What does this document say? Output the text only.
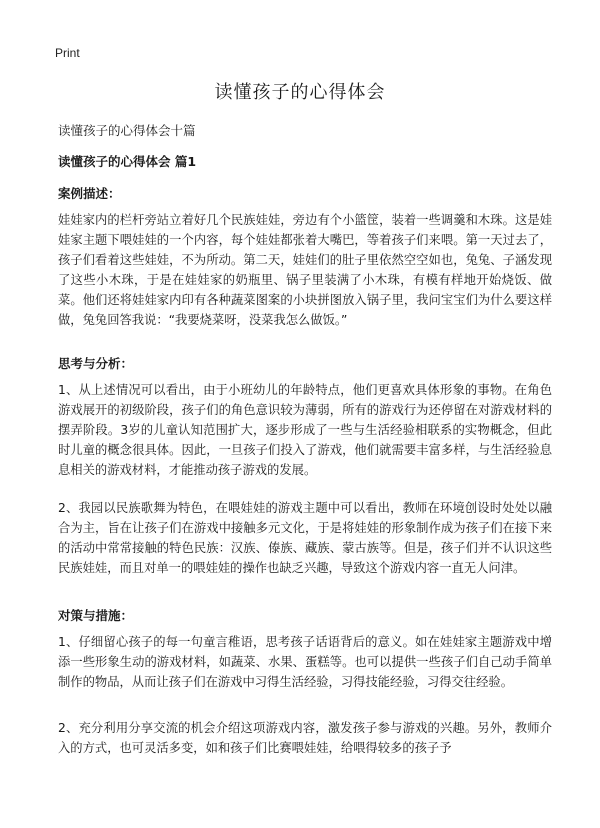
Print
读懂孩子的心得体会

读懂孩子的心得体会十篇

读懂孩子的心得体会 篇1

案例描述：

娃娃家内的栏杆旁站立着好几个民族娃娃，旁边有个小篮筐，装着一些调羹和木珠。这是娃娃家主题下喂娃娃的一个内容，每个娃娃都张着大嘴巴，等着孩子们来喂。第一天过去了，孩子们看着这些娃娃，不为所动。第二天，娃娃们的肚子里依然空空如也，兔兔、子涵发现了这些小木珠，于是在娃娃家的奶瓶里、锅子里装满了小木珠，有模有样地开始烧饭、做菜。他们还将娃娃家内印有各种蔬菜图案的小块拼图放入锅子里，我问宝宝们为什么要这样做，兔兔回答我说：“我要烧菜呀，没菜我怎么做饭。”

思考与分析：

1、从上述情况可以看出，由于小班幼儿的年龄特点，他们更喜欢具体形象的事物。在角色游戏展开的初级阶段，孩子们的角色意识较为薄弱，所有的游戏行为还停留在对游戏材料的摆弄阶段。3岁的儿童认知范围扩大，逐步形成了一些与生活经验相联系的实物概念，但此时儿童的概念很具体。因此，一旦孩子们投入了游戏，他们就需要丰富多样，与生活经验息息相关的游戏材料，才能推动孩子游戏的发展。

2、我园以民族歌舞为特色，在喂娃娃的游戏主题中可以看出，教师在环境创设时处处以融合为主，旨在让孩子们在游戏中接触多元文化，于是将娃娃的形象制作成为孩子们在接下来的活动中常常接触的特色民族：汉族、傣族、藏族、蒙古族等。但是，孩子们并不认识这些民族娃娃，而且对单一的喂娃娃的操作也缺乏兴趣，导致这个游戏内容一直无人问津。

对策与措施：

1、仔细留心孩子的每一句童言稚语，思考孩子话语背后的意义。如在娃娃家主题游戏中增添一些形象生动的游戏材料，如蔬菜、水果、蛋糕等。也可以提供一些孩子们自己动手简单制作的物品，从而让孩子们在游戏中习得生活经验，习得技能经验，习得交往经验。

2、充分利用分享交流的机会介绍这项游戏内容，激发孩子参与游戏的兴趣。另外，教师介入的方式，也可灵活多变，如和孩子们比赛喂娃娃，给喂得较多的孩子予
